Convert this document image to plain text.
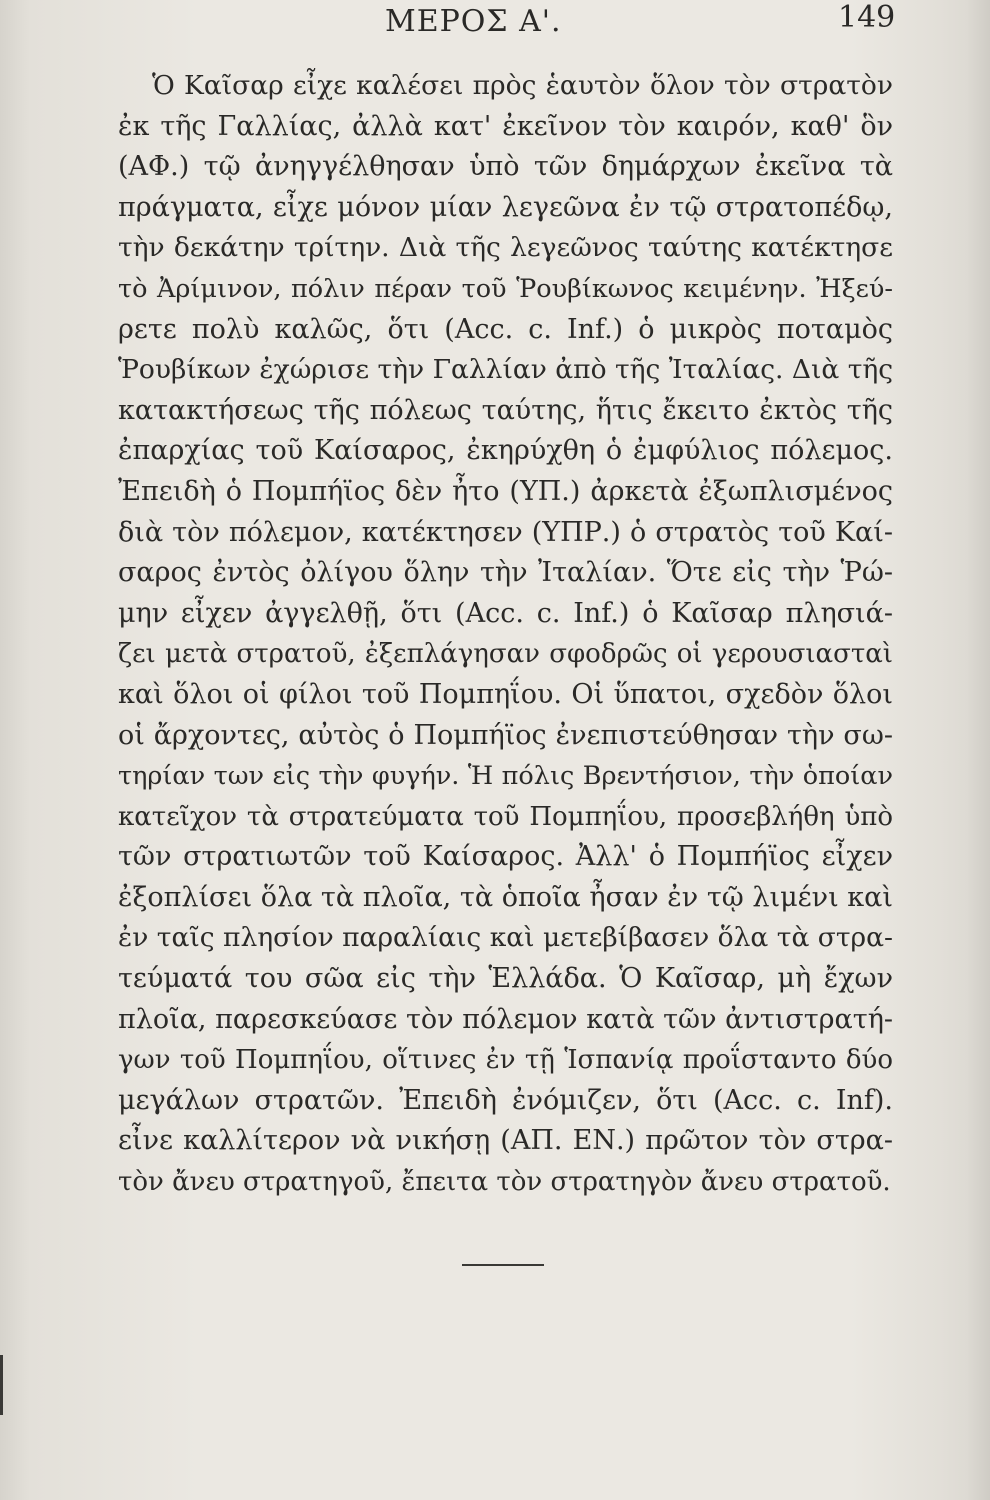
ΜΕΡΟΣ Α'.	149
Ὁ Καῖσαρ εἶχε καλέσει πρὸς ἑαυτὸν ὅλον τὸν στρατὸν
ἐκ τῆς Γαλλίας, ἀλλὰ κατ' ἐκεῖνον τὸν καιρόν, καθ' ὃν
(ΑΦ.) τῷ ἀνηγγέλθησαν ὑπὸ τῶν δημάρχων ἐκεῖνα τὰ
πράγματα, εἶχε μόνον μίαν λεγεῶνα ἐν τῷ στρατοπέδῳ,
τὴν δεκάτην τρίτην. Διὰ τῆς λεγεῶνος ταύτης κατέκτησε
τὸ Ἀρίμινον, πόλιν πέραν τοῦ Ῥουβίκωνος κειμένην. Ἠξεύ-
ρετε πολὺ καλῶς, ὅτι (Acc. c. Inf.) ὁ μικρὸς ποταμὸς
Ῥουβίκων ἐχώρισε τὴν Γαλλίαν ἀπὸ τῆς Ἰταλίας. Διὰ τῆς
κατακτήσεως τῆς πόλεως ταύτης, ἥτις ἔκειτο ἐκτὸς τῆς
ἐπαρχίας τοῦ Καίσαρος, ἐκηρύχθη ὁ ἐμφύλιος πόλεμος.
Ἐπειδὴ ὁ Πομπήϊος δὲν ἦτο (ΥΠ.) ἀρκετὰ ἐξωπλισμένος
διὰ τὸν πόλεμον, κατέκτησεν (ΥΠΡ.) ὁ στρατὸς τοῦ Καί-
σαρος ἐντὸς ὀλίγου ὅλην τὴν Ἰταλίαν. Ὅτε εἰς τὴν Ῥώ-
μην εἶχεν ἀγγελθῇ, ὅτι (Acc. c. Inf.) ὁ Καῖσαρ πλησιά-
ζει μετὰ στρατοῦ, ἐξεπλάγησαν σφοδρῶς οἱ γερουσιασταὶ
καὶ ὅλοι οἱ φίλοι τοῦ Πομπηΐου. Οἱ ὕπατοι, σχεδὸν ὅλοι
οἱ ἄρχοντες, αὐτὸς ὁ Πομπήϊος ἐνεπιστεύθησαν τὴν σω-
τηρίαν των εἰς τὴν φυγήν. Ἡ πόλις Βρεντήσιον, τὴν ὁποίαν
κατεῖχον τὰ στρατεύματα τοῦ Πομπηΐου, προσεβλήθη ὑπὸ
τῶν στρατιωτῶν τοῦ Καίσαρος. Ἀλλ' ὁ Πομπήϊος εἶχεν
ἐξοπλίσει ὅλα τὰ πλοῖα, τὰ ὁποῖα ἦσαν ἐν τῷ λιμένι καὶ
ἐν ταῖς πλησίον παραλίαις καὶ μετεβίβασεν ὅλα τὰ στρα-
τεύματά του σῶα εἰς τὴν Ἑλλάδα. Ὁ Καῖσαρ, μὴ ἔχων
πλοῖα, παρεσκεύασε τὸν πόλεμον κατὰ τῶν ἀντιστρατή-
γων τοῦ Πομπηΐου, οἵτινες ἐν τῇ Ἱσπανίᾳ προΐσταντο δύο
μεγάλων στρατῶν. Ἐπειδὴ ἐνόμιζεν, ὅτι (Acc. c. Inf).
εἶνε καλλίτερον νὰ νικήσῃ (ΑΠ. ΕΝ.) πρῶτον τὸν στρα-
τὸν ἄνευ στρατηγοῦ, ἔπειτα τὸν στρατηγὸν ἄνευ στρατοῦ.
